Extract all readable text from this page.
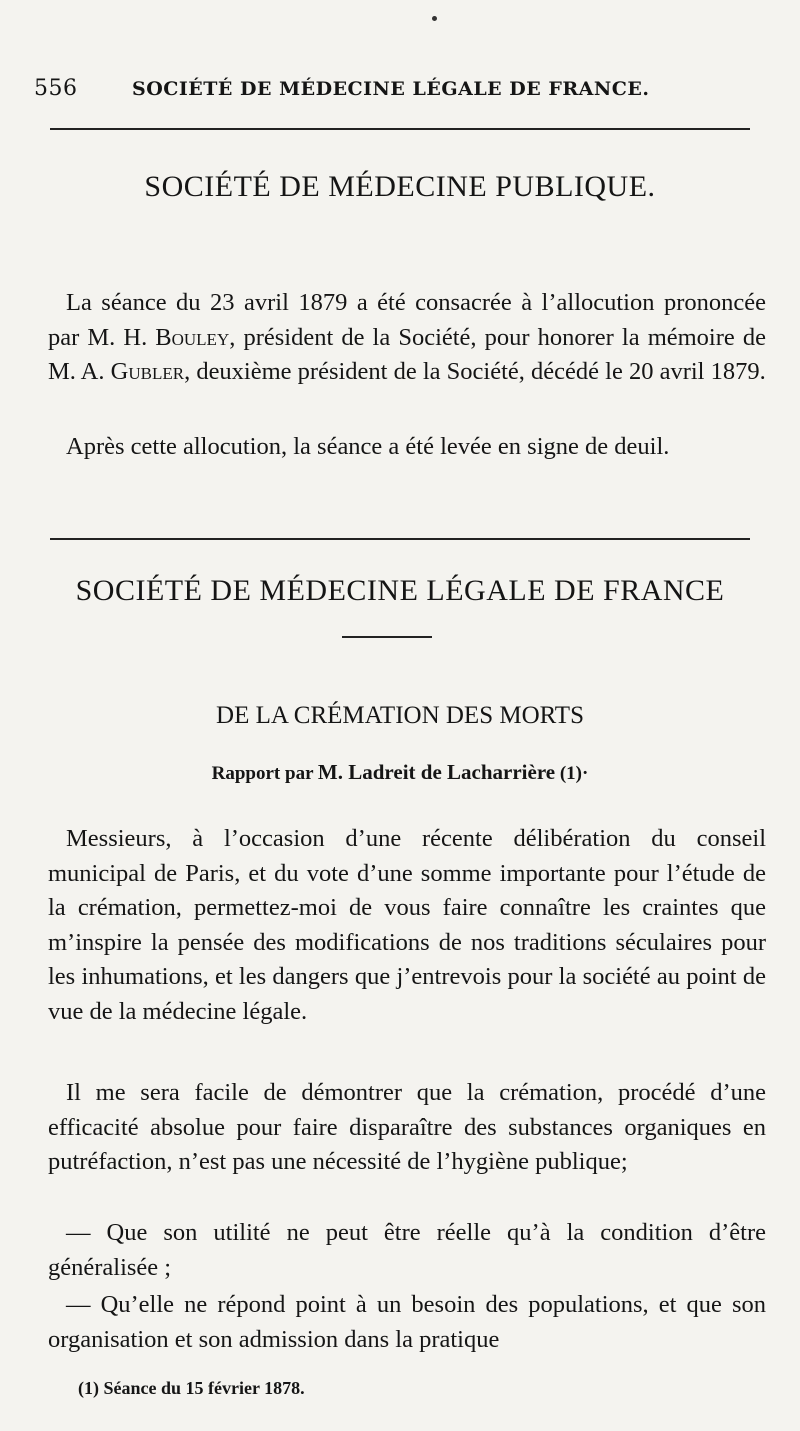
556	SOCIÉTÉ DE MÉDECINE LÉGALE DE FRANCE.
SOCIÉTÉ DE MÉDECINE PUBLIQUE.

La séance du 23 avril 1879 a été consacrée à l’allocution prononcée par M. H. Bouley, président de la Société, pour honorer la mémoire de M. A. Gubler, deuxième président de la Société, décédé le 20 avril 1879.

Après cette allocution, la séance a été levée en signe de deuil.

SOCIÉTÉ DE MÉDECINE LÉGALE DE FRANCE
DE LA CRÉMATION DES MORTS
Rapport par M. Ladreit de Lacharrière (1)·

Messieurs, à l’occasion d’une récente délibération du conseil municipal de Paris, et du vote d’une somme importante pour l’étude de la crémation, permettez-moi de vous faire connaître les craintes que m’inspire la pensée des modifications de nos traditions séculaires pour les inhumations, et les dangers que j’entrevois pour la société au point de vue de la médecine légale.

Il me sera facile de démontrer que la crémation, procédé d’une efficacité absolue pour faire disparaître des substances organiques en putréfaction, n’est pas une nécessité de l’hygiène publique;

— Que son utilité ne peut être réelle qu’à la condition d’être généralisée ;

— Qu’elle ne répond point à un besoin des populations, et que son organisation et son admission dans la pratique

(1) Séance du 15 février 1878.
